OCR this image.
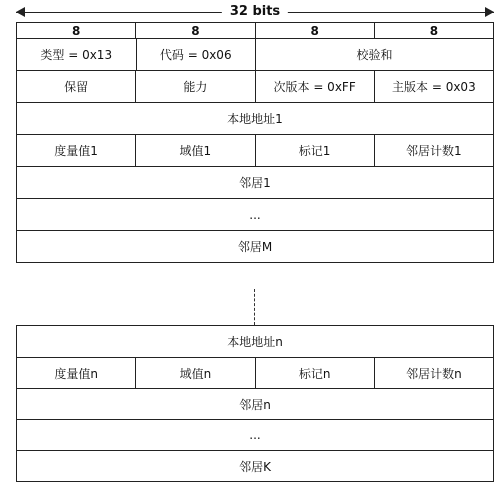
32 bits
8	8	8	8
类型 = 0x13	代码 = 0x06	校验和
保留	能力	次版本 = 0xFF	主版本 = 0x03
本地地址1
度量值1	域值1	标记1	邻居计数1
邻居1
...
邻居M
本地地址n
度量值n	域值n	标记n	邻居计数n
邻居n
...
邻居K
